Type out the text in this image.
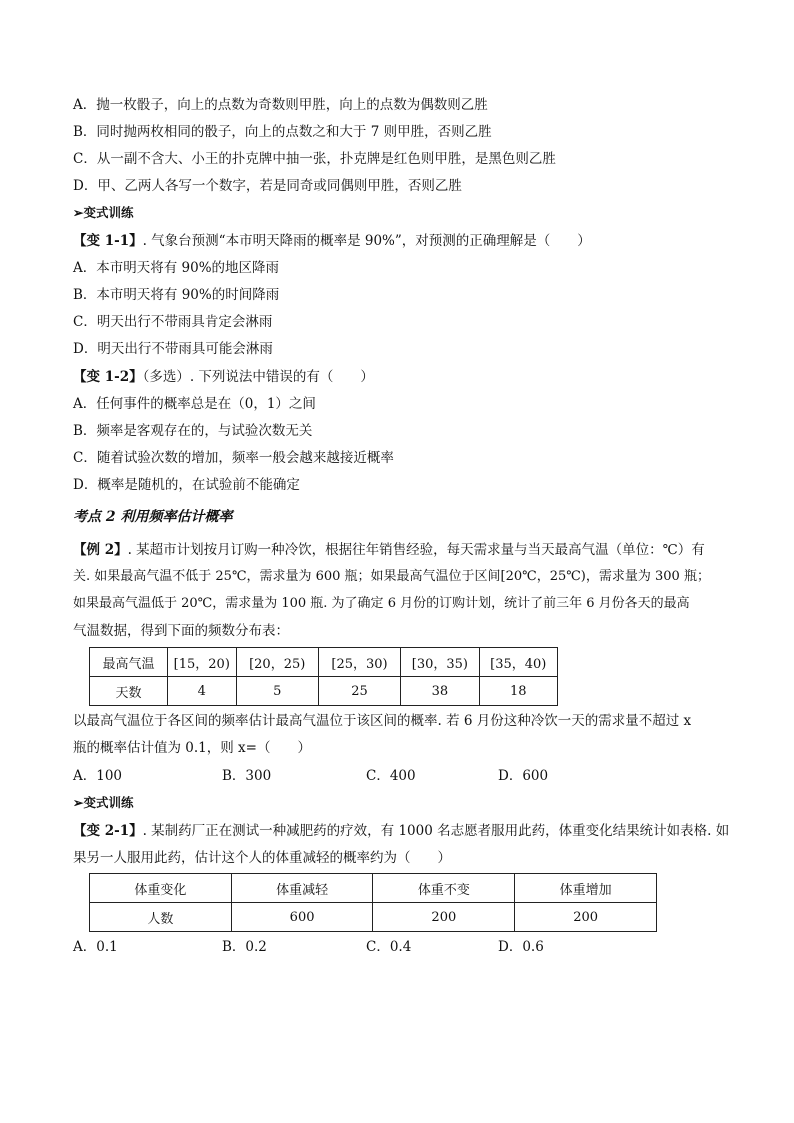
A．抛一枚骰子，向上的点数为奇数则甲胜，向上的点数为偶数则乙胜
B．同时抛两枚相同的骰子，向上的点数之和大于 7 则甲胜，否则乙胜
C．从一副不含大、小王的扑克牌中抽一张，扑克牌是红色则甲胜，是黑色则乙胜
D．甲、乙两人各写一个数字，若是同奇或同偶则甲胜，否则乙胜
➢变式训练
【变 1-1】. 气象台预测“本市明天降雨的概率是 90%”，对预测的正确理解是（　　）
A．本市明天将有 90%的地区降雨
B．本市明天将有 90%的时间降雨
C．明天出行不带雨具肯定会淋雨
D．明天出行不带雨具可能会淋雨
【变 1-2】（多选）. 下列说法中错误的有（　　）
A．任何事件的概率总是在（0，1）之间
B．频率是客观存在的，与试验次数无关
C．随着试验次数的增加，频率一般会越来越接近概率
D．概率是随机的，在试验前不能确定
考点 2 利用频率估计概率
【例 2】. 某超市计划按月订购一种冷饮，根据往年销售经验，每天需求量与当天最高气温（单位：℃）有
关. 如果最高气温不低于 25℃，需求量为 600 瓶；如果最高气温位于区间[20℃，25℃)，需求量为 300 瓶；
如果最高气温低于 20℃，需求量为 100 瓶. 为了确定 6 月份的订购计划，统计了前三年 6 月份各天的最高
气温数据，得到下面的频数分布表：
最高气温	[15，20)	[20，25)	[25，30)	[30，35)	[35，40)
天数	4	5	25	38	18
以最高气温位于各区间的频率估计最高气温位于该区间的概率. 若 6 月份这种冷饮一天的需求量不超过 x
瓶的概率估计值为 0.1，则 x=（　　）
A．100	B．300	C．400	D．600
➢变式训练
【变 2-1】. 某制药厂正在测试一种减肥药的疗效，有 1000 名志愿者服用此药，体重变化结果统计如表格. 如
果另一人服用此药，估计这个人的体重减轻的概率约为（　　）
体重变化	体重减轻	体重不变	体重增加
人数	600	200	200
A．0.1	B．0.2	C．0.4	D．0.6
